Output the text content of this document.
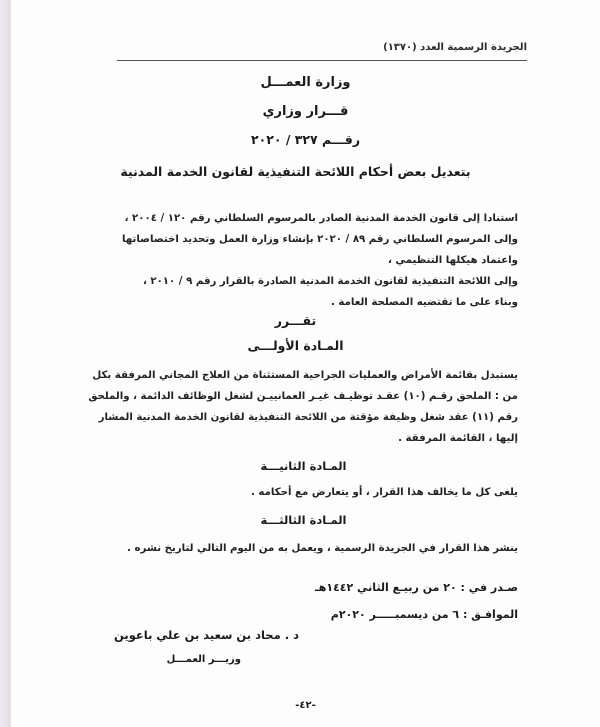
الجريدة الرسمية العدد (١٣٧٠)
وزارة العمـــل
قـــرار وزاري
رقـــم ٣٢٧ / ٢٠٢٠
بتعديل بعض أحكام اللائحة التنفيذية لقانون الخدمة المدنية
استنادا إلى قانون الخدمة المدنية الصادر بالمرسوم السلطاني رقم ١٢٠ / ٢٠٠٤ ،
وإلى المرسوم السلطاني رقم ٨٩ / ٢٠٢٠ بإنشاء وزارة العمل وتحديد اختصاصاتها واعتماد هيكلها التنظيمي ،
وإلى اللائحة التنفيذية لقانون الخدمة المدنية الصادرة بالقرار رقم ٩ / ٢٠١٠ ،
وبناء على ما تقتضيه المصلحة العامة .
تقـــرر
المـادة الأولـــى
يستبدل بقائمة الأمراض والعمليات الجراحية المستثناة من العلاج المجاني المرفقة بكل من : الملحق رقـم (١٠) عقـد توظيـف غيـر العمانييـن لشغل الوظائف الدائمة ، والملحق رقم (١١) عقد شغل وظيفة مؤقتة من اللائحة التنفيذية لقانون الخدمة المدنية المشار إليها ، القائمة المرفقة .
المـادة الثانيـــة
يلغى كل ما يخالف هذا القرار ، أو يتعارض مع أحكامه .
المـادة الثالثـــة
ينشر هذا القرار في الجريدة الرسمية ، ويعمل به من اليوم التالي لتاريخ نشره .
صـدر في : ٢٠ من ربيـع الثاني ١٤٤٢هـ
الموافـق : ٦ من ديسمبـــــر ٢٠٢٠م
د . محاد بن سعيد بن علي باعوين
وزيـــر العمـــل
-٤٢-
